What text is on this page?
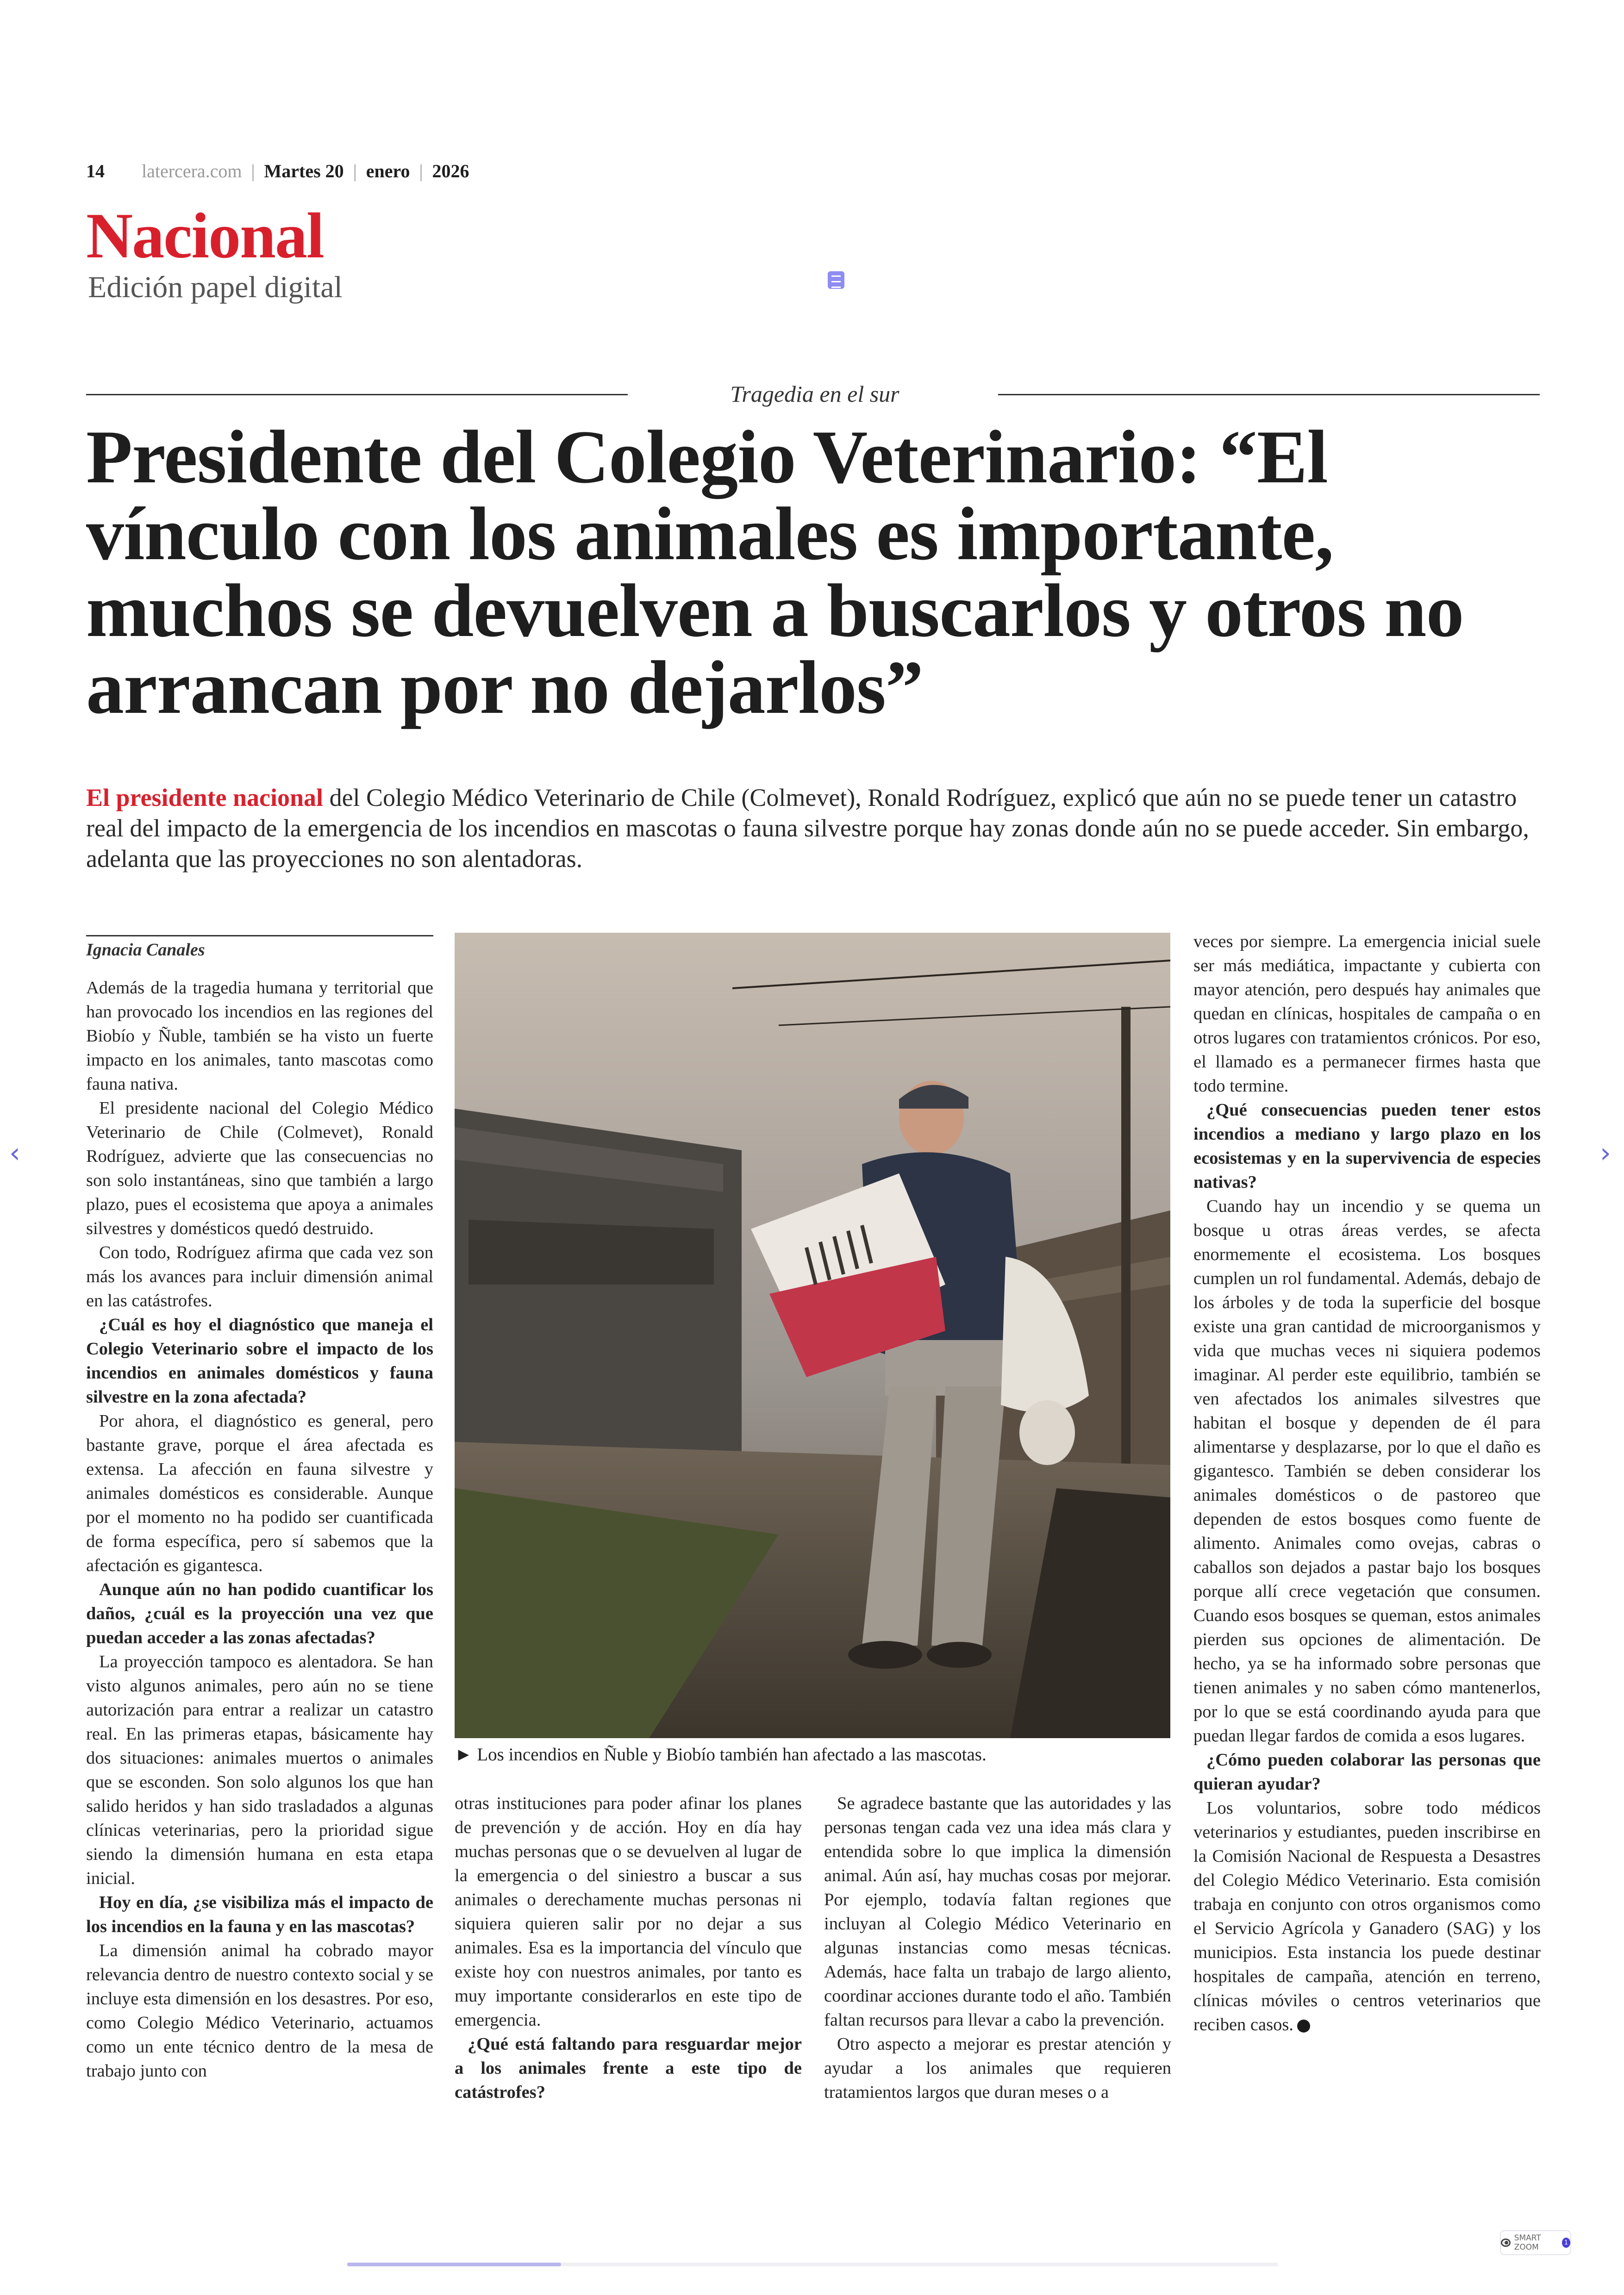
14 latercera.com | Martes 20 | enero | 2026
Nacional
Edición papel digital
Tragedia en el sur
Presidente del Colegio Veterinario: “El vínculo con los animales es importante, muchos se devuelven a buscarlos y otros no arrancan por no dejarlos”

El presidente nacional del Colegio Médico Veterinario de Chile (Colmevet), Ronald Rodríguez, explicó que aún no se puede tener un catastro real del impacto de la emergencia de los incendios en mascotas o fauna silvestre porque hay zonas donde aún no se puede acceder. Sin embargo, adelanta que las proyecciones no son alentadoras.

Ignacia Canales

Además de la tragedia humana y territorial que han provocado los incendios en las regiones del Biobío y Ñuble, también se ha visto un fuerte impacto en los animales, tanto mascotas como fauna nativa.

El presidente nacional del Colegio Médico Veterinario de Chile (Colmevet), Ronald Rodríguez, advierte que las consecuencias no son solo instantáneas, sino que también a largo plazo, pues el ecosistema que apoya a animales silvestres y domésticos quedó destruido.

Con todo, Rodríguez afirma que cada vez son más los avances para incluir dimensión animal en las catástrofes.

¿Cuál es hoy el diagnóstico que maneja el Colegio Veterinario sobre el impacto de los incendios en animales domésticos y fauna silvestre en la zona afectada?

Por ahora, el diagnóstico es general, pero bastante grave, porque el área afectada es extensa. La afección en fauna silvestre y animales domésticos es considerable. Aunque por el momento no ha podido ser cuantificada de forma específica, pero sí sabemos que la afectación es gigantesca.

Aunque aún no han podido cuantificar los daños, ¿cuál es la proyección una vez que puedan acceder a las zonas afectadas?

La proyección tampoco es alentadora. Se han visto algunos animales, pero aún no se tiene autorización para entrar a realizar un catastro real. En las primeras etapas, básicamente hay dos situaciones: animales muertos o animales que se esconden. Son solo algunos los que han salido heridos y han sido trasladados a algunas clínicas veterinarias, pero la prioridad sigue siendo la dimensión humana en esta etapa inicial.

Hoy en día, ¿se visibiliza más el impacto de los incendios en la fauna y en las mascotas?

La dimensión animal ha cobrado mayor relevancia dentro de nuestro contexto social y se incluye esta dimensión en los desastres. Por eso, como Colegio Médico Veterinario, actuamos como un ente técnico dentro de la mesa de trabajo junto con

► Los incendios en Ñuble y Biobío también han afectado a las mascotas.

otras instituciones para poder afinar los planes de prevención y de acción. Hoy en día hay muchas personas que o se devuelven al lugar de la emergencia o del siniestro a buscar a sus animales o derechamente muchas personas ni siquiera quieren salir por no dejar a sus animales. Esa es la importancia del vínculo que existe hoy con nuestros animales, por tanto es muy importante considerarlos en este tipo de emergencia.

¿Qué está faltando para resguardar mejor a los animales frente a este tipo de catástrofes?

Se agradece bastante que las autoridades y las personas tengan cada vez una idea más clara y entendida sobre lo que implica la dimensión animal. Aún así, hay muchas cosas por mejorar. Por ejemplo, todavía faltan regiones que incluyan al Colegio Médico Veterinario en algunas instancias como mesas técnicas. Además, hace falta un trabajo de largo aliento, coordinar acciones durante todo el año. También faltan recursos para llevar a cabo la prevención.

Otro aspecto a mejorar es prestar atención y ayudar a los animales que requieren tratamientos largos que duran meses o a

veces por siempre. La emergencia inicial suele ser más mediática, impactante y cubierta con mayor atención, pero después hay animales que quedan en clínicas, hospitales de campaña o en otros lugares con tratamientos crónicos. Por eso, el llamado es a permanecer firmes hasta que todo termine.

¿Qué consecuencias pueden tener estos incendios a mediano y largo plazo en los ecosistemas y en la supervivencia de especies nativas?

Cuando hay un incendio y se quema un bosque u otras áreas verdes, se afecta enormemente el ecosistema. Los bosques cumplen un rol fundamental. Además, debajo de los árboles y de toda la superficie del bosque existe una gran cantidad de microorganismos y vida que muchas veces ni siquiera podemos imaginar. Al perder este equilibrio, también se ven afectados los animales silvestres que habitan el bosque y dependen de él para alimentarse y desplazarse, por lo que el daño es gigantesco. También se deben considerar los animales domésticos o de pastoreo que dependen de estos bosques como fuente de alimento. Animales como ovejas, cabras o caballos son dejados a pastar bajo los bosques porque allí crece vegetación que consumen. Cuando esos bosques se queman, estos animales pierden sus opciones de alimentación. De hecho, ya se ha informado sobre personas que tienen animales y no saben cómo mantenerlos, por lo que se está coordinando ayuda para que puedan llegar fardos de comida a esos lugares.

¿Cómo pueden colaborar las personas que quieran ayudar?

Los voluntarios, sobre todo médicos veterinarios y estudiantes, pueden inscribirse en la Comisión Nacional de Respuesta a Desastres del Colegio Médico Veterinario. Esta comisión trabaja en conjunto con otros organismos como el Servicio Agrícola y Ganadero (SAG) y los municipios. Esta instancia los puede destinar hospitales de campaña, atención en terreno, clínicas móviles o centros veterinarios que reciben casos.

‹	›
SMART ZOOM	1
